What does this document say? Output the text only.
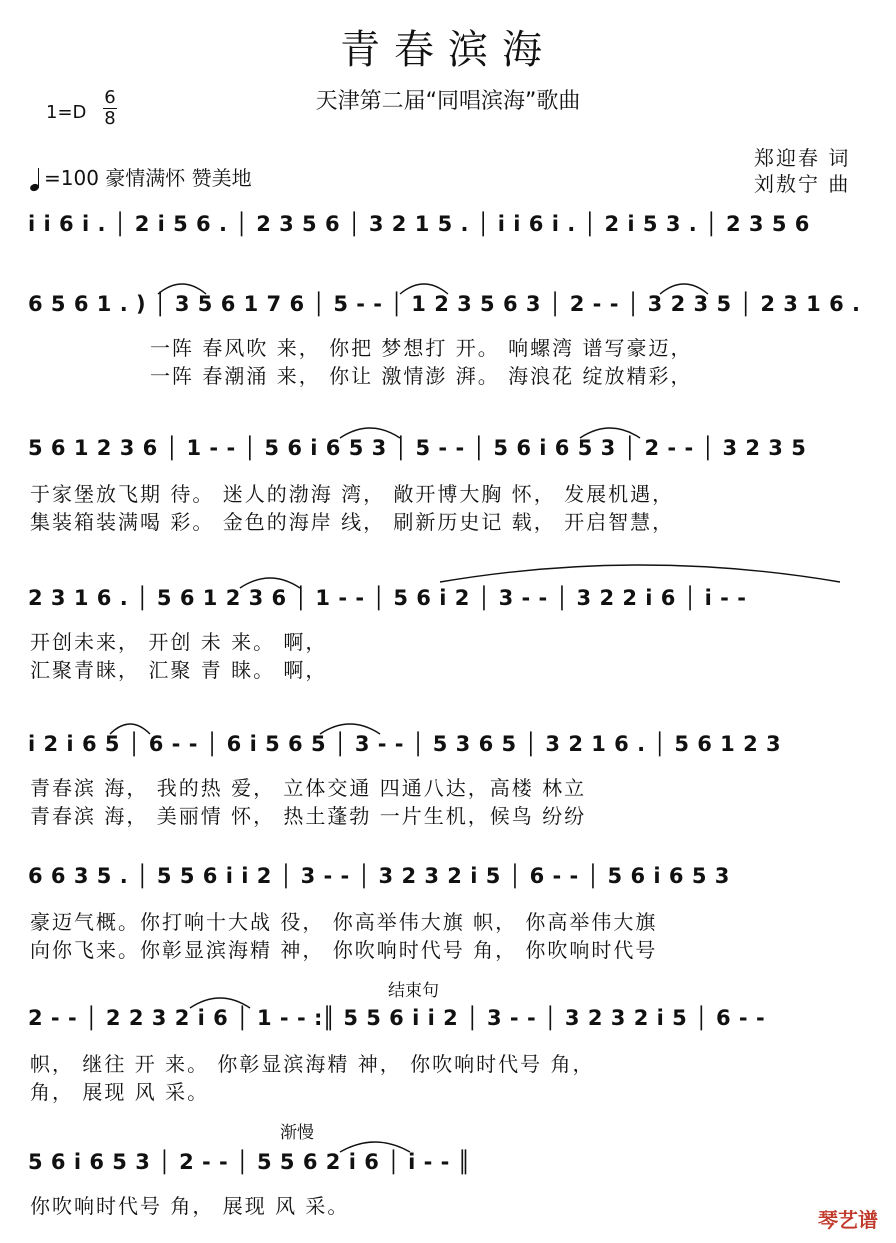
青春滨海
天津第二届“同唱滨海”歌曲
1=D
6
8
=100 豪情满怀 赞美地
郑迎春 词
刘敖宁 曲
i i 6 i . │ 2 i 5 6 . │ 2 3 5 6 │ 3 2 1 5 . │ i i 6 i . │ 2 i 5 3 . │ 2 3 5 6
6 5 6 1 . ) │ 3 5 6 1 7 6 │ 5 - - │ 1 2 3 5 6 3 │ 2 - - │ 3 2 3 5 │ 2 3 1 6 .
一阵 春风吹 来， 你把 梦想打 开。 响螺湾 谱写豪迈，
一阵 春潮涌 来， 你让 激情澎 湃。 海浪花 绽放精彩，
5 6 1 2 3 6 │ 1 - - │ 5 6 i 6 5 3 │ 5 - - │ 5 6 i 6 5 3 │ 2 - - │ 3 2 3 5
于家堡放飞期 待。 迷人的渤海 湾， 敞开博大胸 怀， 发展机遇，
集装箱装满喝 彩。 金色的海岸 线， 刷新历史记 载， 开启智慧，
2 3 1 6 . │ 5 6 1 2 3 6 │ 1 - - │ 5 6 i 2 │ 3 - - │ 3 2 2 i 6 │ i - -
开创未来， 开创 未 来。 啊，
汇聚青睐， 汇聚 青 睐。 啊，
i 2 i 6 5 │ 6 - - │ 6 i 5 6 5 │ 3 - - │ 5 3 6 5 │ 3 2 1 6 . │ 5 6 1 2 3
青春滨 海， 我的热 爱， 立体交通 四通八达，高楼 林立
青春滨 海， 美丽情 怀， 热土蓬勃 一片生机，候鸟 纷纷
6 6 3 5 . │ 5 5 6 i i 2 │ 3 - - │ 3 2 3 2 i 5 │ 6 - - │ 5 6 i 6 5 3
豪迈气概。你打响十大战 役， 你高举伟大旗 帜， 你高举伟大旗
向你飞来。你彰显滨海精 神， 你吹响时代号 角， 你吹响时代号
结束句
2 - - │ 2 2 3 2 i 6 │ 1 - - :║ 5 5 6 i i 2 │ 3 - - │ 3 2 3 2 i 5 │ 6 - -
帜， 继往 开 来。 你彰显滨海精 神， 你吹响时代号 角，
角， 展现 风 采。
渐慢
5 6 i 6 5 3 │ 2 - - │ 5 5 6 2 i 6 │ i - - ║
你吹响时代号 角， 展现 风 采。
琴艺谱
